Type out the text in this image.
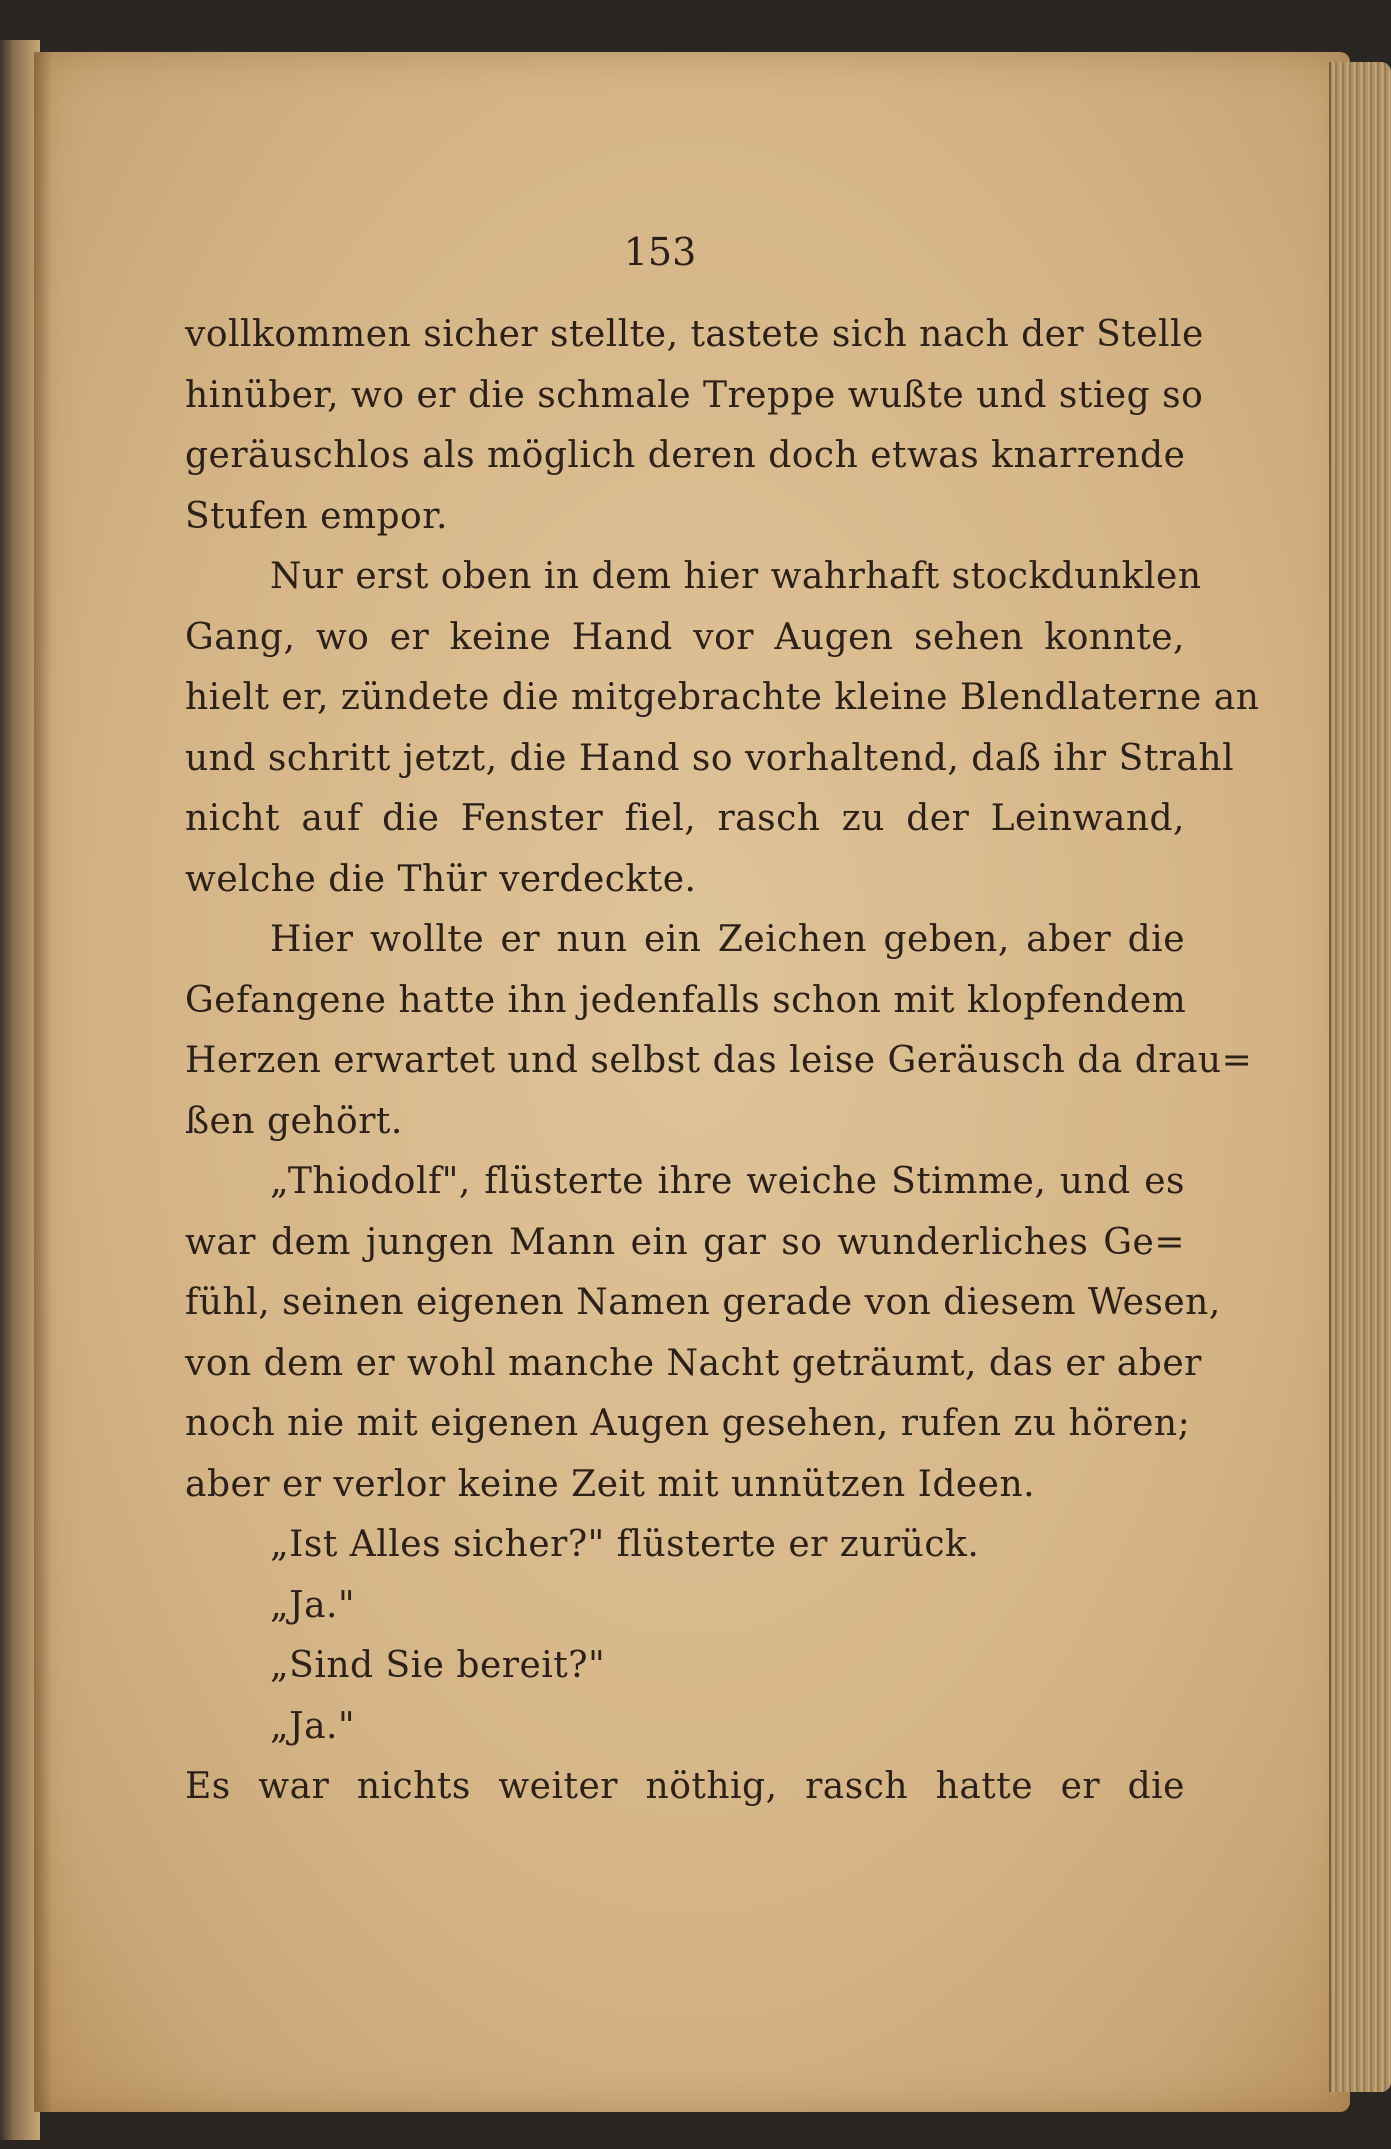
153
vollkommen sicher stellte, tastete sich nach der Stelle
hinüber, wo er die schmale Treppe wußte und stieg so
geräuschlos als möglich deren doch etwas knarrende
Stufen empor.
Nur erst oben in dem hier wahrhaft stockdunklen
Gang, wo er keine Hand vor Augen sehen konnte,
hielt er, zündete die mitgebrachte kleine Blendlaterne an
und schritt jetzt, die Hand so vorhaltend, daß ihr Strahl
nicht auf die Fenster fiel, rasch zu der Leinwand,
welche die Thür verdeckte.
Hier wollte er nun ein Zeichen geben, aber die
Gefangene hatte ihn jedenfalls schon mit klopfendem
Herzen erwartet und selbst das leise Geräusch da drau=
ßen gehört.
„Thiodolf", flüsterte ihre weiche Stimme, und es
war dem jungen Mann ein gar so wunderliches Ge=
fühl, seinen eigenen Namen gerade von diesem Wesen,
von dem er wohl manche Nacht geträumt, das er aber
noch nie mit eigenen Augen gesehen, rufen zu hören;
aber er verlor keine Zeit mit unnützen Ideen.
„Ist Alles sicher?" flüsterte er zurück.
„Ja."
„Sind Sie bereit?"
„Ja."
Es war nichts weiter nöthig, rasch hatte er die
